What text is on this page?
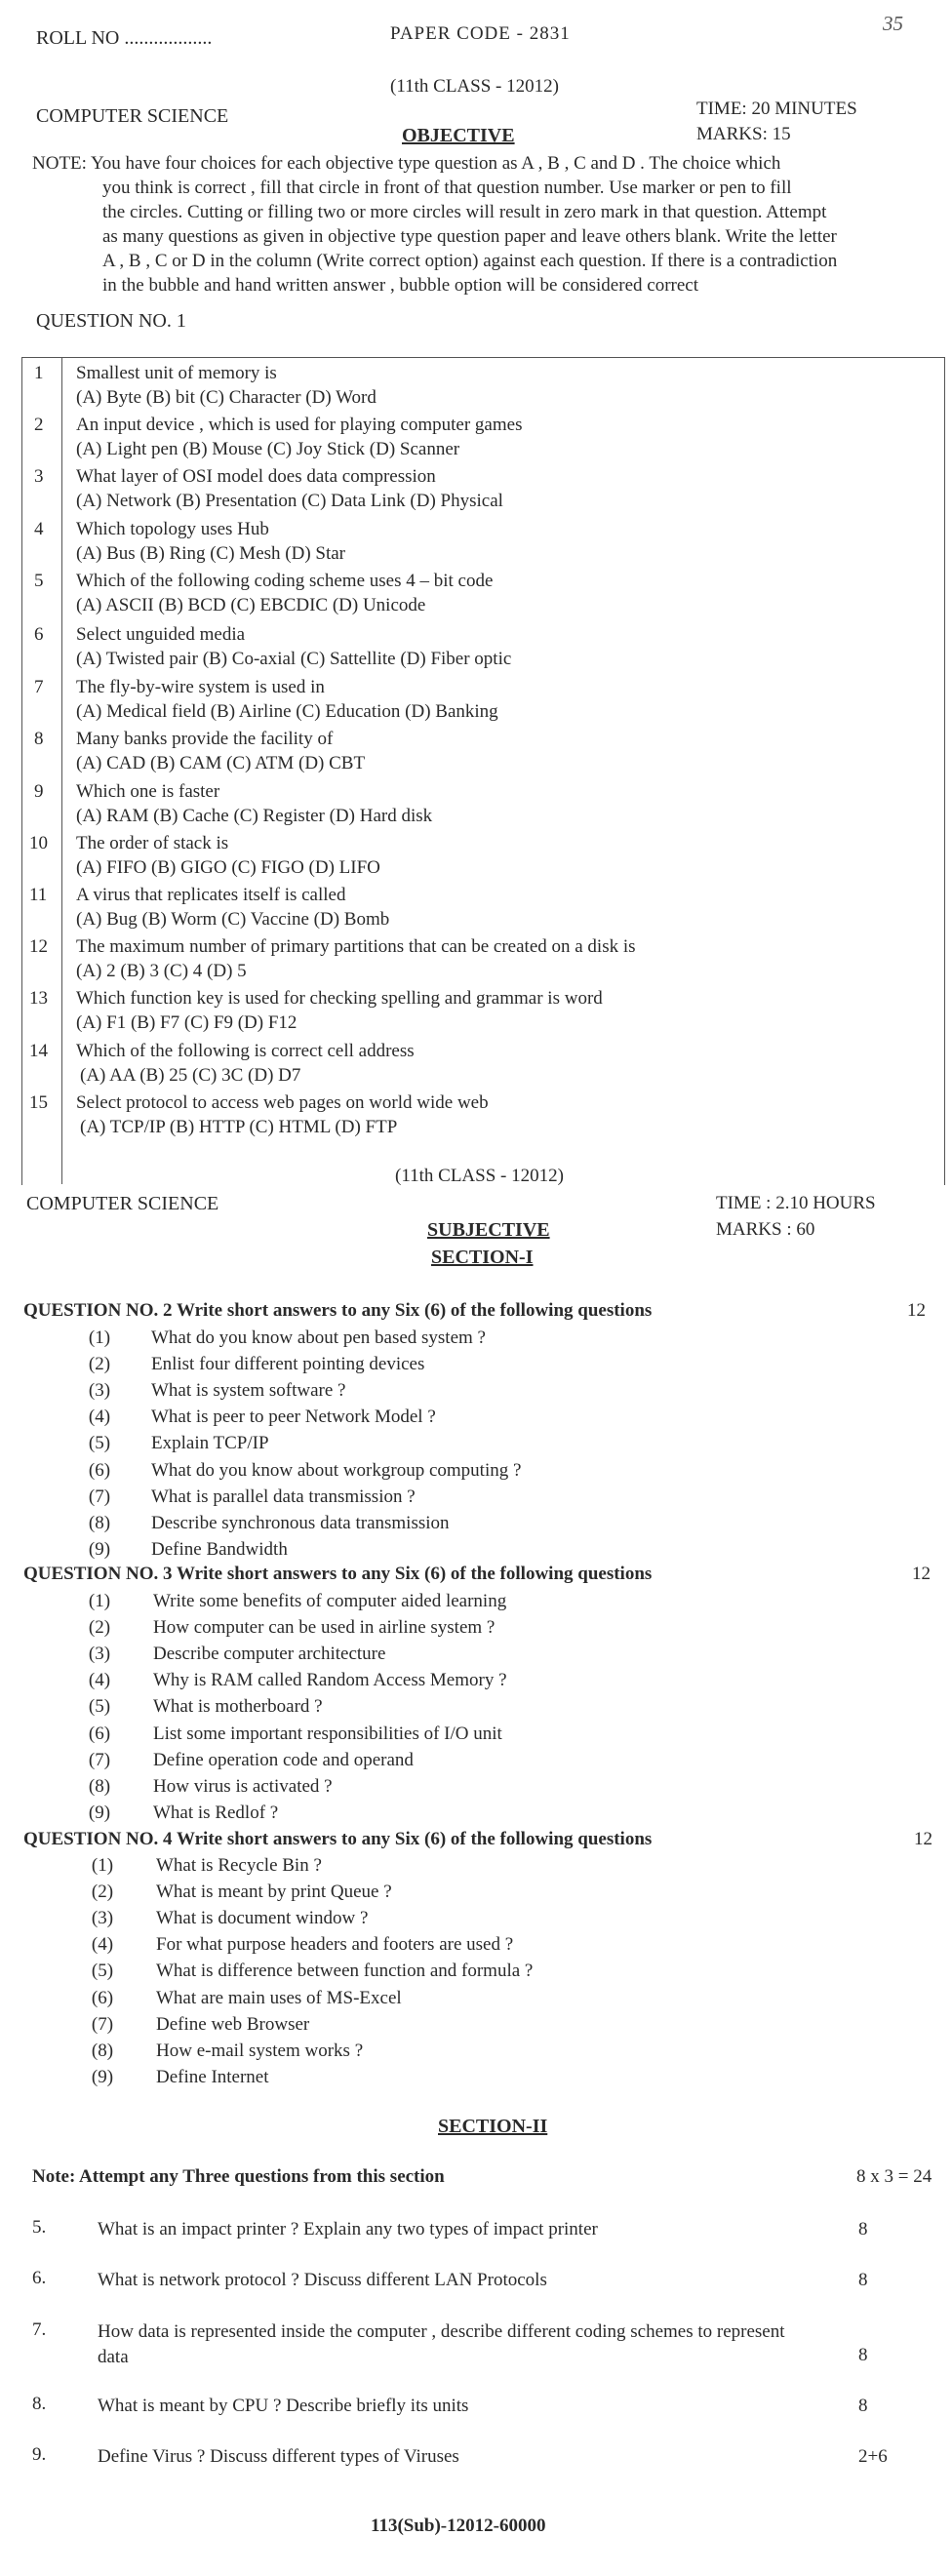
ROLL NO ..................	PAPER CODE - 2831	35
(11th CLASS - 12012)
COMPUTER SCIENCE
OBJECTIVE
TIME: 20 MINUTES
MARKS: 15
NOTE: You have four choices for each objective type question as A , B , C and D . The choice which
you think is correct , fill that circle in front of that question number. Use marker or pen to fill
the circles. Cutting or filling two or more circles will result in zero mark in that question. Attempt
as many questions as given in objective type question paper and leave others blank. Write the letter
A , B , C or D in the column (Write correct option) against each question. If there is a contradiction
in the bubble and hand written answer , bubble option will be considered correct
QUESTION NO. 1
1 Smallest unit of memory is
(A) Byte (B) bit (C) Character (D) Word
2 An input device , which is used for playing computer games
(A) Light pen (B) Mouse (C) Joy Stick (D) Scanner
3 What layer of OSI model does data compression
(A) Network (B) Presentation (C) Data Link (D) Physical
4 Which topology uses Hub
(A) Bus (B) Ring (C) Mesh (D) Star
5 Which of the following coding scheme uses 4 – bit code
(A) ASCII (B) BCD (C) EBCDIC (D) Unicode
6 Select unguided media
(A) Twisted pair (B) Co-axial (C) Sattellite (D) Fiber optic
7 The fly-by-wire system is used in
(A) Medical field (B) Airline (C) Education (D) Banking
8 Many banks provide the facility of
(A) CAD (B) CAM (C) ATM (D) CBT
9 Which one is faster
(A) RAM (B) Cache (C) Register (D) Hard disk
10 The order of stack is
(A) FIFO (B) GIGO (C) FIGO (D) LIFO
11 A virus that replicates itself is called
(A) Bug (B) Worm (C) Vaccine (D) Bomb
12 The maximum number of primary partitions that can be created on a disk is
(A) 2 (B) 3 (C) 4 (D) 5
13 Which function key is used for checking spelling and grammar is word
(A) F1 (B) F7 (C) F9 (D) F12
14 Which of the following is correct cell address
(A) AA (B) 25 (C) 3C (D) D7
15 Select protocol to access web pages on world wide web
(A) TCP/IP (B) HTTP (C) HTML (D) FTP
(11th CLASS - 12012)
COMPUTER SCIENCE
SUBJECTIVE
SECTION-I
TIME : 2.10 HOURS
MARKS : 60
QUESTION NO. 2 Write short answers to any Six (6) of the following questions	12
(1)	What do you know about pen based system ?
(2)	Enlist four different pointing devices
(3)	What is system software ?
(4)	What is peer to peer Network Model ?
(5)	Explain TCP/IP
(6)	What do you know about workgroup computing ?
(7)	What is parallel data transmission ?
(8)	Describe synchronous data transmission
(9)	Define Bandwidth
QUESTION NO. 3 Write short answers to any Six (6) of the following questions	12
(1)	Write some benefits of computer aided learning
(2)	How computer can be used in airline system ?
(3)	Describe computer architecture
(4)	Why is RAM called Random Access Memory ?
(5)	What is motherboard ?
(6)	List some important responsibilities of I/O unit
(7)	Define operation code and operand
(8)	How virus is activated ?
(9)	What is Redlof ?
QUESTION NO. 4 Write short answers to any Six (6) of the following questions	12
(1)	What is Recycle Bin ?
(2)	What is meant by print Queue ?
(3)	What is document window ?
(4)	For what purpose headers and footers are used ?
(5)	What is difference between function and formula ?
(6)	What are main uses of MS-Excel
(7)	Define web Browser
(8)	How e-mail system works ?
(9)	Define Internet
SECTION-II
Note: Attempt any Three questions from this section	8 x 3 = 24
5.	What is an impact printer ? Explain any two types of impact printer	8
6.	What is network protocol ? Discuss different LAN Protocols	8
7.	How data is represented inside the computer , describe different coding schemes to represent data	8
8.	What is meant by CPU ? Describe briefly its units	8
9.	Define Virus ? Discuss different types of Viruses	2+6
113(Sub)-12012-60000
